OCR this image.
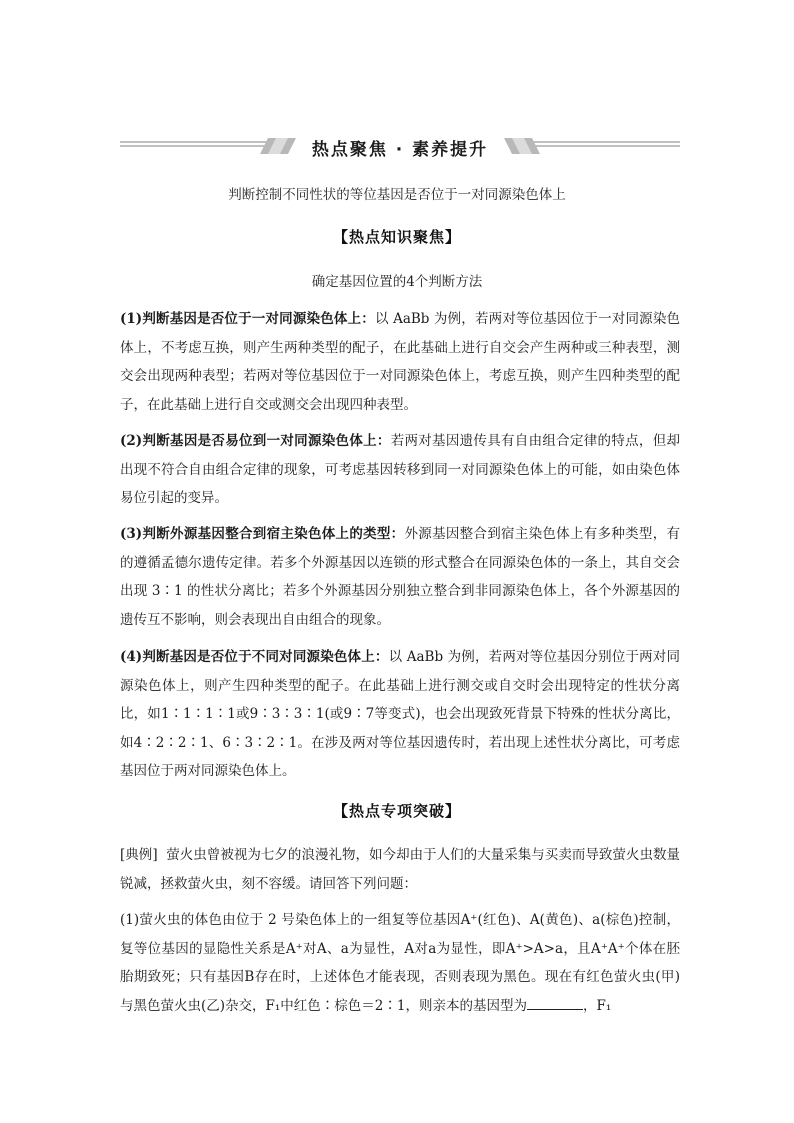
热点聚焦 · 素养提升
判断控制不同性状的等位基因是否位于一对同源染色体上
【热点知识聚焦】
确定基因位置的4个判断方法
(1)判断基因是否位于一对同源染色体上：以 AaBb 为例，若两对等位基因位于一对同源染色体上，不考虑互换，则产生两种类型的配子，在此基础上进行自交会产生两种或三种表型，测交会出现两种表型；若两对等位基因位于一对同源染色体上，考虑互换，则产生四种类型的配子，在此基础上进行自交或测交会出现四种表型。
(2)判断基因是否易位到一对同源染色体上：若两对基因遗传具有自由组合定律的特点，但却出现不符合自由组合定律的现象，可考虑基因转移到同一对同源染色体上的可能，如由染色体易位引起的变异。
(3)判断外源基因整合到宿主染色体上的类型：外源基因整合到宿主染色体上有多种类型，有的遵循孟德尔遗传定律。若多个外源基因以连锁的形式整合在同源染色体的一条上，其自交会出现 3∶1 的性状分离比；若多个外源基因分别独立整合到非同源染色体上，各个外源基因的遗传互不影响，则会表现出自由组合的现象。
(4)判断基因是否位于不同对同源染色体上：以 AaBb 为例，若两对等位基因分别位于两对同源染色体上，则产生四种类型的配子。在此基础上进行测交或自交时会出现特定的性状分离比，如1∶1∶1∶1或9∶3∶3∶1(或9∶7等变式)，也会出现致死背景下特殊的性状分离比，如4∶2∶2∶1、6∶3∶2∶1。在涉及两对等位基因遗传时，若出现上述性状分离比，可考虑基因位于两对同源染色体上。
【热点专项突破】
[典例] 萤火虫曾被视为七夕的浪漫礼物，如今却由于人们的大量采集与买卖而导致萤火虫数量锐减，拯救萤火虫，刻不容缓。请回答下列问题：
(1)萤火虫的体色由位于 2 号染色体上的一组复等位基因A⁺(红色)、A(黄色)、a(棕色)控制，复等位基因的显隐性关系是A⁺对A、a为显性，A对a为显性，即A⁺>A>a，且A⁺A⁺个体在胚胎期致死；只有基因B存在时，上述体色才能表现，否则表现为黑色。现在有红色萤火虫(甲)与黑色萤火虫(乙)杂交，F₁中红色∶棕色＝2∶1，则亲本的基因型为	，F₁
